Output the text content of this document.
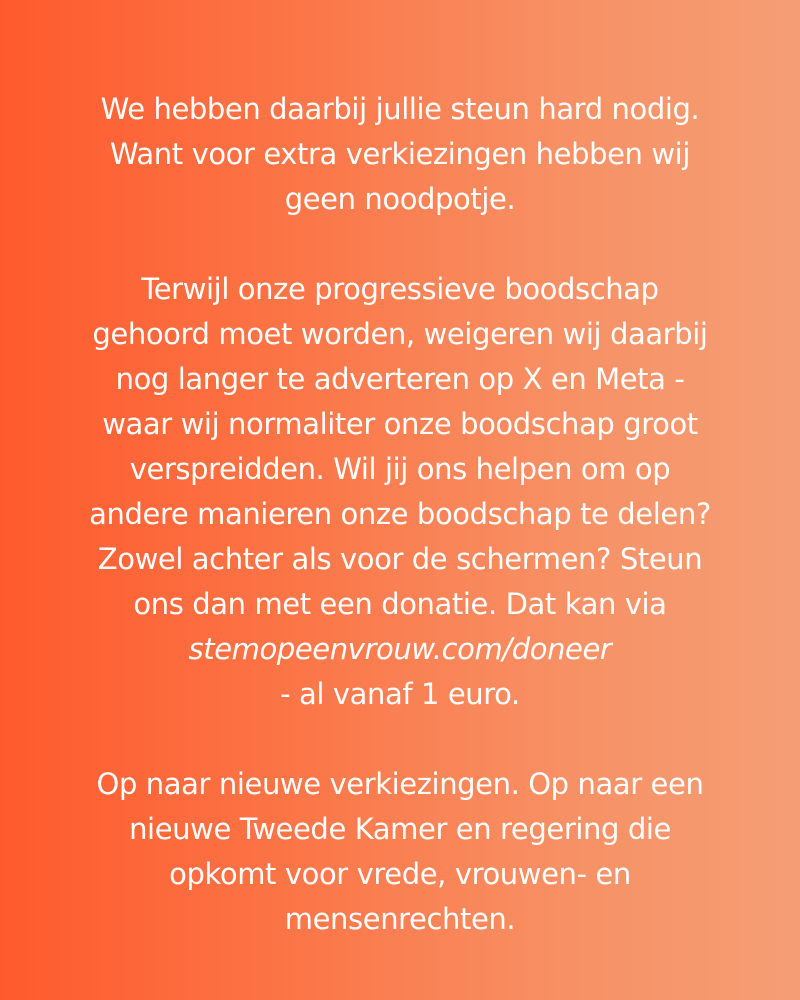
We hebben daarbij jullie steun hard nodig.
Want voor extra verkiezingen hebben wij
geen noodpotje.
Terwijl onze progressieve boodschap
gehoord moet worden, weigeren wij daarbij
nog langer te adverteren op X en Meta -
waar wij normaliter onze boodschap groot
verspreidden. Wil jij ons helpen om op
andere manieren onze boodschap te delen?
Zowel achter als voor de schermen? Steun
ons dan met een donatie. Dat kan via
stemopeenvrouw.com/doneer
- al vanaf 1 euro.
Op naar nieuwe verkiezingen. Op naar een
nieuwe Tweede Kamer en regering die
opkomt voor vrede, vrouwen- en
mensenrechten.
